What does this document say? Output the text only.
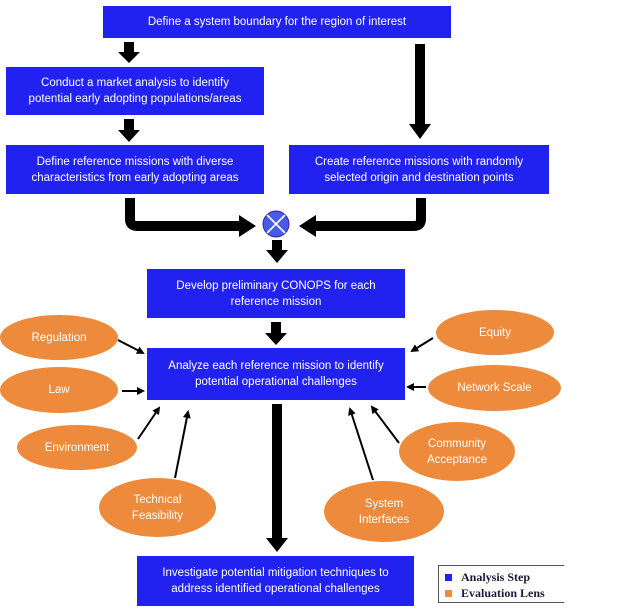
Define a system boundary for the region of interest
Conduct a market analysis to identify
potential early adopting populations/areas
Define reference missions with diverse
characteristics from early adopting areas
Create reference missions with randomly
selected origin and destination points
Develop preliminary CONOPS for each
reference mission
Analyze each reference mission to identify
potential operational challenges
Investigate potential mitigation techniques to
address identified operational challenges
Regulation
Law
Environment
Technical
Feasibility
Equity
Network Scale
Community
Acceptance
System
Interfaces
Analysis Step
Evaluation Lens
